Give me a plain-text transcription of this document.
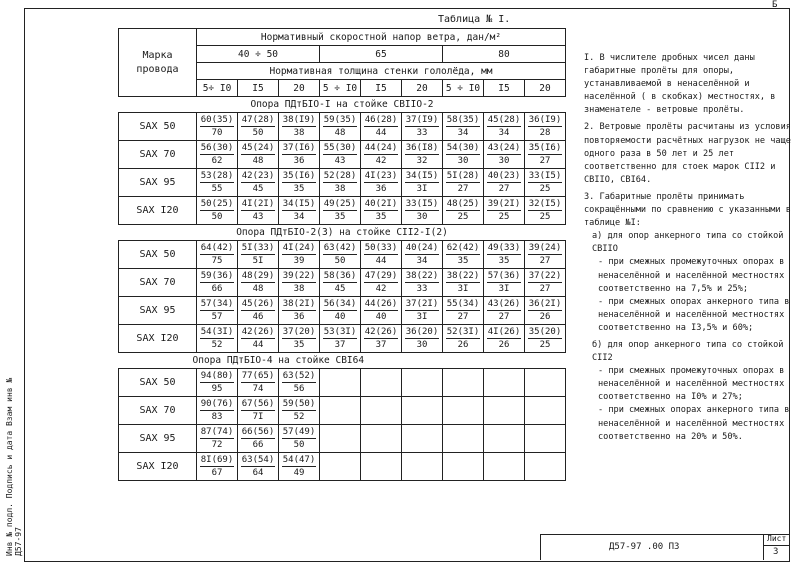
Б
Таблица № I.
Инв № подл. Подпись и дата Взам инв № Д57-97
Марка провода	Нормативный скоростной напор ветра, дан/м²								
	40 ÷ 50			65			80		
	Нормативная толщина стенки гололёда, мм								
	5÷ I0	I5	20	5 ÷ I0	I5	20	5 ÷ I0	I5	20
Опора ПДтБIО-I на стойке СВIIО-2									
SAX 50	$\frac{60(35)}{70}$	$\frac{47(28)}{50}$	$\frac{38(I9)}{38}$	$\frac{59(35)}{48}$	$\frac{46(28)}{44}$	$\frac{37(I9)}{33}$	$\frac{58(35)}{34}$	$\frac{45(28)}{34}$	$\frac{36(I9)}{28}$

SAX 70	$\frac{56(30)}{62}$	$\frac{45(24)}{48}$	$\frac{37(I6)}{36}$	$\frac{55(30)}{43}$	$\frac{44(24)}{42}$	$\frac{36(I8)}{32}$	$\frac{54(30)}{30}$	$\frac{43(24)}{30}$	$\frac{35(I6)}{27}$

SAX 95	$\frac{53(28)}{55}$	$\frac{42(23)}{45}$	$\frac{35(I6)}{35}$	$\frac{52(28)}{38}$	$\frac{4I(23)}{36}$	$\frac{34(I5)}{3I}$	$\frac{5I(28)}{27}$	$\frac{40(23)}{27}$	$\frac{33(I5)}{25}$

SAX I20	$\frac{50(25)}{50}$	$\frac{4I(2I)}{43}$	$\frac{34(I5)}{34}$	$\frac{49(25)}{35}$	$\frac{40(2I)}{35}$	$\frac{33(I5)}{30}$	$\frac{48(25)}{25}$	$\frac{39(2I)}{25}$	$\frac{32(I5)}{25}$

Опора ПДтБIО-2(3) на стойке СII2-I(2)									
SAX 50	$\frac{64(42)}{75}$	$\frac{5I(33)}{5I}$	$\frac{4I(24)}{39}$	$\frac{63(42)}{50}$	$\frac{50(33)}{44}$	$\frac{40(24)}{34}$	$\frac{62(42)}{35}$	$\frac{49(33)}{35}$	$\frac{39(24)}{27}$

SAX 70	$\frac{59(36)}{66}$	$\frac{48(29)}{48}$	$\frac{39(22)}{38}$	$\frac{58(36)}{45}$	$\frac{47(29)}{42}$	$\frac{38(22)}{33}$	$\frac{38(22)}{3I}$	$\frac{57(36)}{3I}$	$\frac{37(22)}{27}$

SAX 95	$\frac{57(34)}{57}$	$\frac{45(26)}{46}$	$\frac{38(2I)}{36}$	$\frac{56(34)}{40}$	$\frac{44(26)}{40}$	$\frac{37(2I)}{3I}$	$\frac{55(34)}{27}$	$\frac{43(26)}{27}$	$\frac{36(2I)}{26}$

SAX I20	$\frac{54(3I)}{52}$	$\frac{42(26)}{44}$	$\frac{37(20)}{35}$	$\frac{53(3I)}{37}$	$\frac{42(26)}{37}$	$\frac{36(20)}{30}$	$\frac{52(3I)}{26}$	$\frac{4I(26)}{26}$	$\frac{35(20)}{25}$

Опора ПДтБIО-4 на стойке СВI64									
SAX 50	$\frac{94(80)}{95}$	$\frac{77(65)}{74}$	$\frac{63(52)}{56}$

SAX 70	$\frac{90(76)}{83}$	$\frac{67(56)}{7I}$	$\frac{59(50)}{52}$

SAX 95	$\frac{87(74)}{72}$	$\frac{66(56)}{66}$	$\frac{57(49)}{50}$

SAX I20	$\frac{8I(69)}{67}$	$\frac{63(54)}{64}$	$\frac{54(47)}{49}$

I. В числителе дробных чисел даны габаритные пролёты для опоры, устанавливаемой в ненаселённой и населённой ( в скобках) местностях, в знаменателе - ветровые пролёты.

2. Ветровые пролёты расчитаны из условия повторяемости расчётных нагрузок не чаще одного раза в 50 лет и 25 лет соответственно для стоек марок СII2 и СВIIО, СВI64.

3. Габаритные пролёты принимать сокращёнными по сравнению с указанными в таблице №I:

а) для опор анкерного типа со стойкой СВIIО

- при смежных промежуточных опорах в ненаселённой и населённой местностях соответственно на 7,5% и 25%;

- при смежных опорах анкерного типа в ненаселённой и населённой местностях соответственно на I3,5% и 60%;

б) для опор анкерного типа со стойкой СII2

- при смежных промежуточных опорах в ненаселённой и населённой местностях соответственно на I0% и 27%;

- при смежных опорах анкерного типа в ненаселённой и населённой местностях соответственно на 20% и 50%.

Д57-97 .00 ПЗ
Лист
3
